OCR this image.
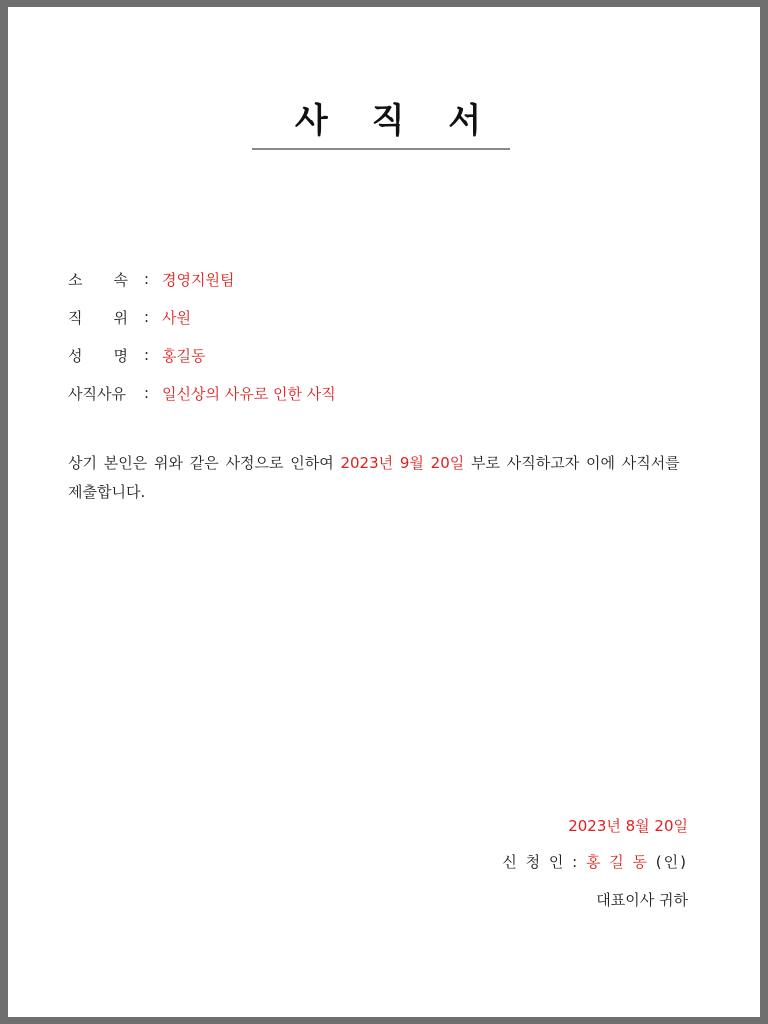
사 직 서
소 속 : 경영지원팀
직 위 : 사원
성 명 : 홍길동
사직사유	: 일신상의 사유로 인한 사직
상기 본인은 위와 같은 사정으로 인하여 2023년 9월 20일 부로 사직하고자 이에 사직서를 제출합니다.
2023년 8월 20일
신 청 인 : 홍 길 동 (인)
대표이사 귀하
